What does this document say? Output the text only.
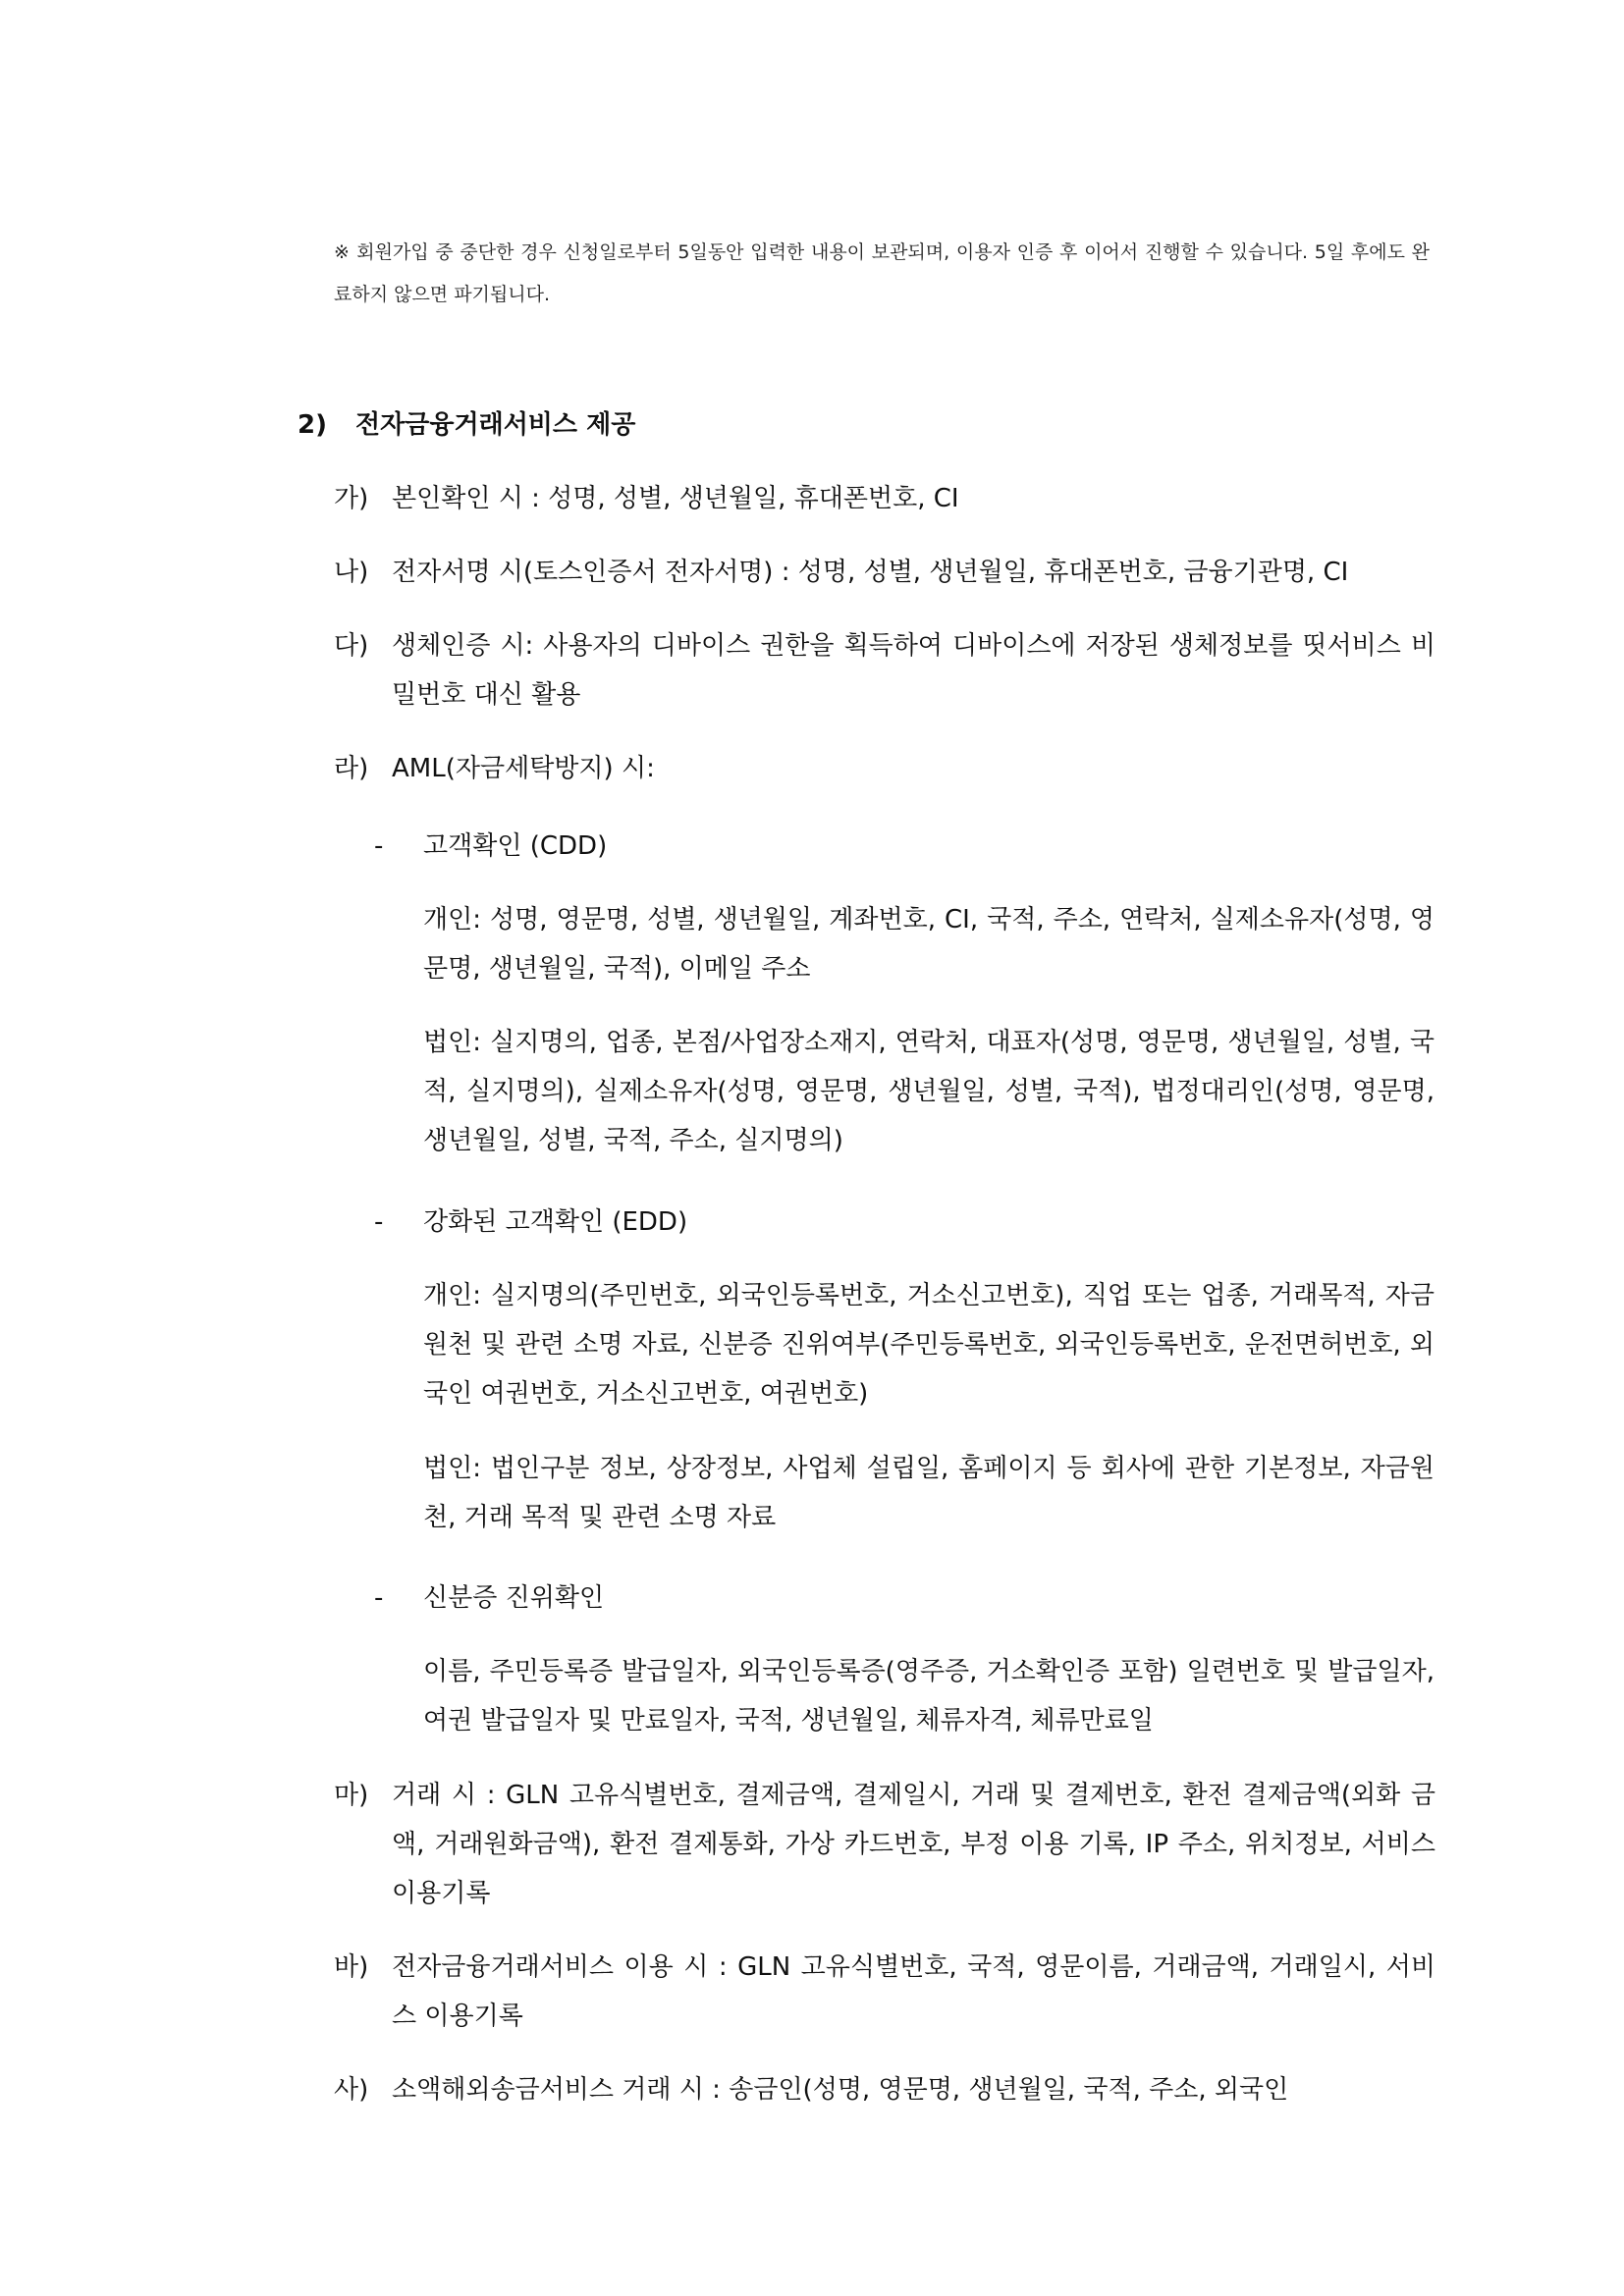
※ 회원가입 중 중단한 경우 신청일로부터 5일동안 입력한 내용이 보관되며, 이용자 인증 후 이어서 진행할 수 있습니다. 5일 후에도 완료하지 않으면 파기됩니다.
2) 전자금융거래서비스 제공
가) 본인확인 시 : 성명, 성별, 생년월일, 휴대폰번호, CI
나) 전자서명 시(토스인증서 전자서명) : 성명, 성별, 생년월일, 휴대폰번호, 금융기관명, CI
다) 생체인증 시: 사용자의 디바이스 권한을 획득하여 디바이스에 저장된 생체정보를 띳서비스 비밀번호 대신 활용
라) AML(자금세탁방지) 시:
- 고객확인 (CDD)
개인: 성명, 영문명, 성별, 생년월일, 계좌번호, CI, 국적, 주소, 연락처, 실제소유자(성명, 영문명, 생년월일, 국적), 이메일 주소
법인: 실지명의, 업종, 본점/사업장소재지, 연락처, 대표자(성명, 영문명, 생년월일, 성별, 국적, 실지명의), 실제소유자(성명, 영문명, 생년월일, 성별, 국적), 법정대리인(성명, 영문명, 생년월일, 성별, 국적, 주소, 실지명의)
- 강화된 고객확인 (EDD)
개인: 실지명의(주민번호, 외국인등록번호, 거소신고번호), 직업 또는 업종, 거래목적, 자금원천 및 관련 소명 자료, 신분증 진위여부(주민등록번호, 외국인등록번호, 운전면허번호, 외국인 여권번호, 거소신고번호, 여권번호)
법인: 법인구분 정보, 상장정보, 사업체 설립일, 홈페이지 등 회사에 관한 기본정보, 자금원천, 거래 목적 및 관련 소명 자료
- 신분증 진위확인
이름, 주민등록증 발급일자, 외국인등록증(영주증, 거소확인증 포함) 일련번호 및 발급일자, 여권 발급일자 및 만료일자, 국적, 생년월일, 체류자격, 체류만료일
마) 거래 시 : GLN 고유식별번호, 결제금액, 결제일시, 거래 및 결제번호, 환전 결제금액(외화 금액, 거래원화금액), 환전 결제통화, 가상 카드번호, 부정 이용 기록, IP 주소, 위치정보, 서비스 이용기록
바) 전자금융거래서비스 이용 시 : GLN 고유식별번호, 국적, 영문이름, 거래금액, 거래일시, 서비스 이용기록
사) 소액해외송금서비스 거래 시 : 송금인(성명, 영문명, 생년월일, 국적, 주소, 외국인
